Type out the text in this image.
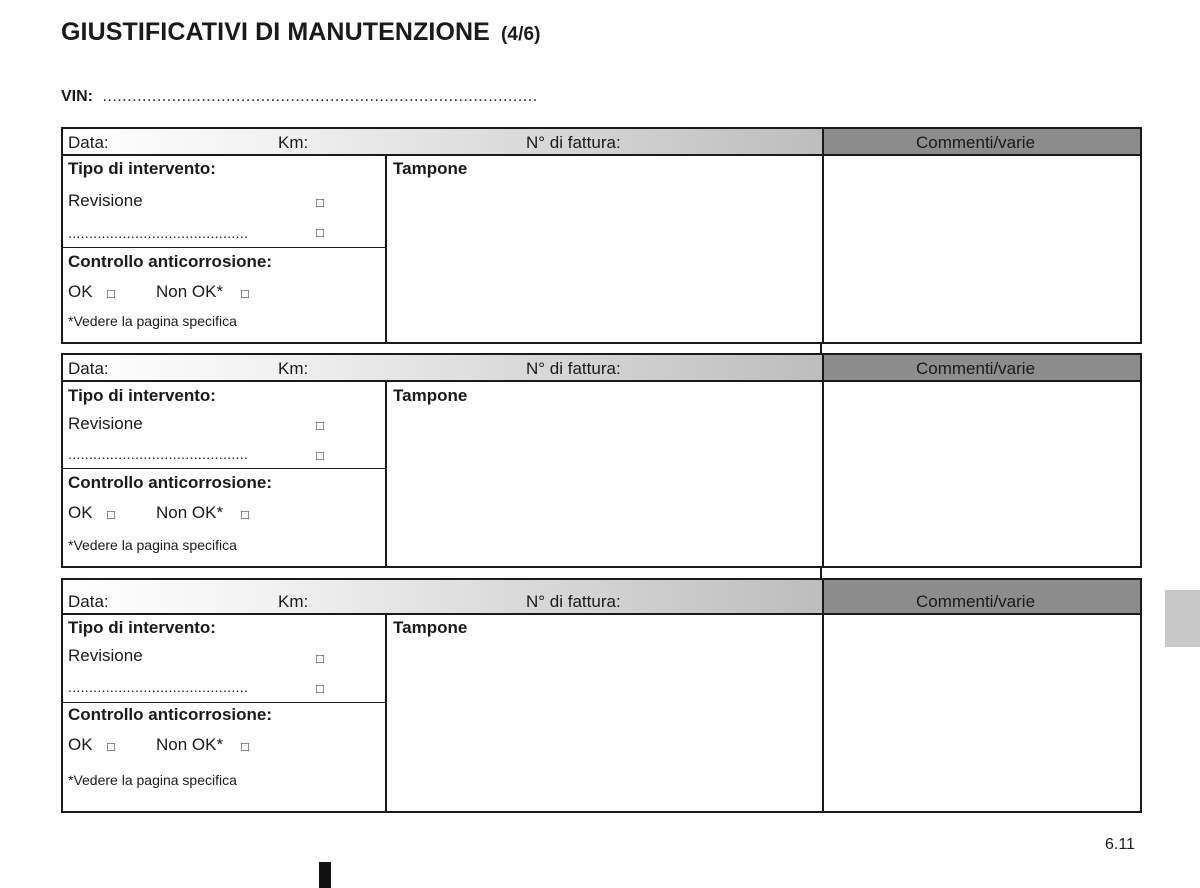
GIUSTIFICATIVI DI MANUTENZIONE (4/6)
VIN: ........................................................................................
Data:	Km:	N° di fattura:	Commenti/varie
Tipo di intervento:
Revisione	□
...........................................	□
Controllo anticorrosione:
OK □ Non OK* □
*Vedere la pagina specifica
Tampone
Data:	Km:	N° di fattura:	Commenti/varie
Tipo di intervento:
Revisione	□
...........................................	□
Controllo anticorrosione:
OK □ Non OK* □
*Vedere la pagina specifica
Tampone
Data:	Km:	N° di fattura:	Commenti/varie
Tipo di intervento:
Revisione	□
...........................................	□
Controllo anticorrosione:
OK □ Non OK* □
*Vedere la pagina specifica
Tampone
6.11
